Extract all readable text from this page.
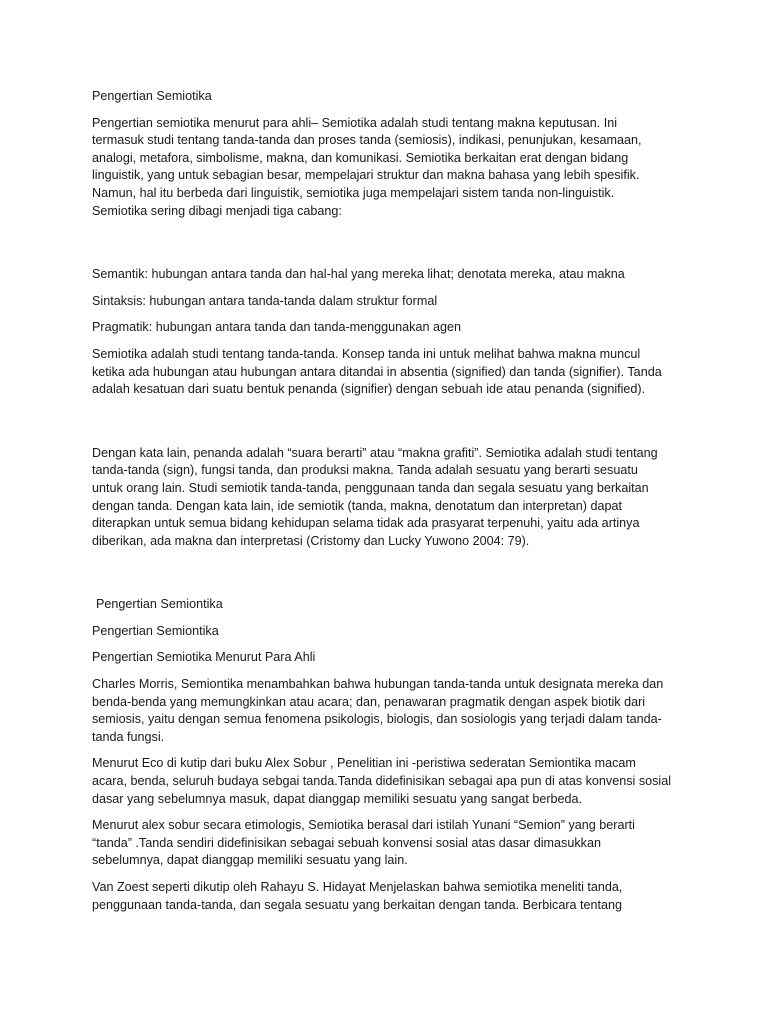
Pengertian Semiotika

Pengertian semiotika menurut para ahli– Semiotika adalah studi tentang makna keputusan. Ini termasuk studi tentang tanda-tanda dan proses tanda (semiosis), indikasi, penunjukan, kesamaan, analogi, metafora, simbolisme, makna, dan komunikasi. Semiotika berkaitan erat dengan bidang linguistik, yang untuk sebagian besar, mempelajari struktur dan makna bahasa yang lebih spesifik. Namun, hal itu berbeda dari linguistik, semiotika juga mempelajari sistem tanda non-linguistik. Semiotika sering dibagi menjadi tiga cabang:

Semantik: hubungan antara tanda dan hal-hal yang mereka lihat; denotata mereka, atau makna

Sintaksis: hubungan antara tanda-tanda dalam struktur formal

Pragmatik: hubungan antara tanda dan tanda-menggunakan agen

Semiotika adalah studi tentang tanda-tanda. Konsep tanda ini untuk melihat bahwa makna muncul ketika ada hubungan atau hubungan antara ditandai in absentia (signified) dan tanda (signifier). Tanda adalah kesatuan dari suatu bentuk penanda (signifier) dengan sebuah ide atau penanda (signified).

Dengan kata lain, penanda adalah “suara berarti” atau “makna grafiti”. Semiotika adalah studi tentang tanda-tanda (sign), fungsi tanda, dan produksi makna. Tanda adalah sesuatu yang berarti sesuatu untuk orang lain. Studi semiotik tanda-tanda, penggunaan tanda dan segala sesuatu yang berkaitan dengan tanda. Dengan kata lain, ide semiotik (tanda, makna, denotatum dan interpretan) dapat diterapkan untuk semua bidang kehidupan selama tidak ada prasyarat terpenuhi, yaitu ada artinya diberikan, ada makna dan interpretasi (Cristomy dan Lucky Yuwono 2004: 79).

Pengertian Semiontika

Pengertian Semiontika

Pengertian Semiotika Menurut Para Ahli

Charles Morris, Semiontika menambahkan bahwa hubungan tanda-tanda untuk designata mereka dan benda-benda yang memungkinkan atau acara; dan, penawaran pragmatik dengan aspek biotik dari semiosis, yaitu dengan semua fenomena psikologis, biologis, dan sosiologis yang terjadi dalam tanda-tanda fungsi.

Menurut Eco di kutip dari buku Alex Sobur , Penelitian ini -peristiwa sederatan Semiontika macam acara, benda, seluruh budaya sebgai tanda.Tanda didefinisikan sebagai apa pun di atas konvensi sosial dasar yang sebelumnya masuk, dapat dianggap memiliki sesuatu yang sangat berbeda.

Menurut alex sobur secara etimologis, Semiotika berasal dari istilah Yunani “Semion” yang berarti “tanda” .Tanda sendiri didefinisikan sebagai sebuah konvensi sosial atas dasar dimasukkan sebelumnya, dapat dianggap memiliki sesuatu yang lain.

Van Zoest seperti dikutip oleh Rahayu S. Hidayat Menjelaskan bahwa semiotika meneliti tanda, penggunaan tanda-tanda, dan segala sesuatu yang berkaitan dengan tanda. Berbicara tentang
